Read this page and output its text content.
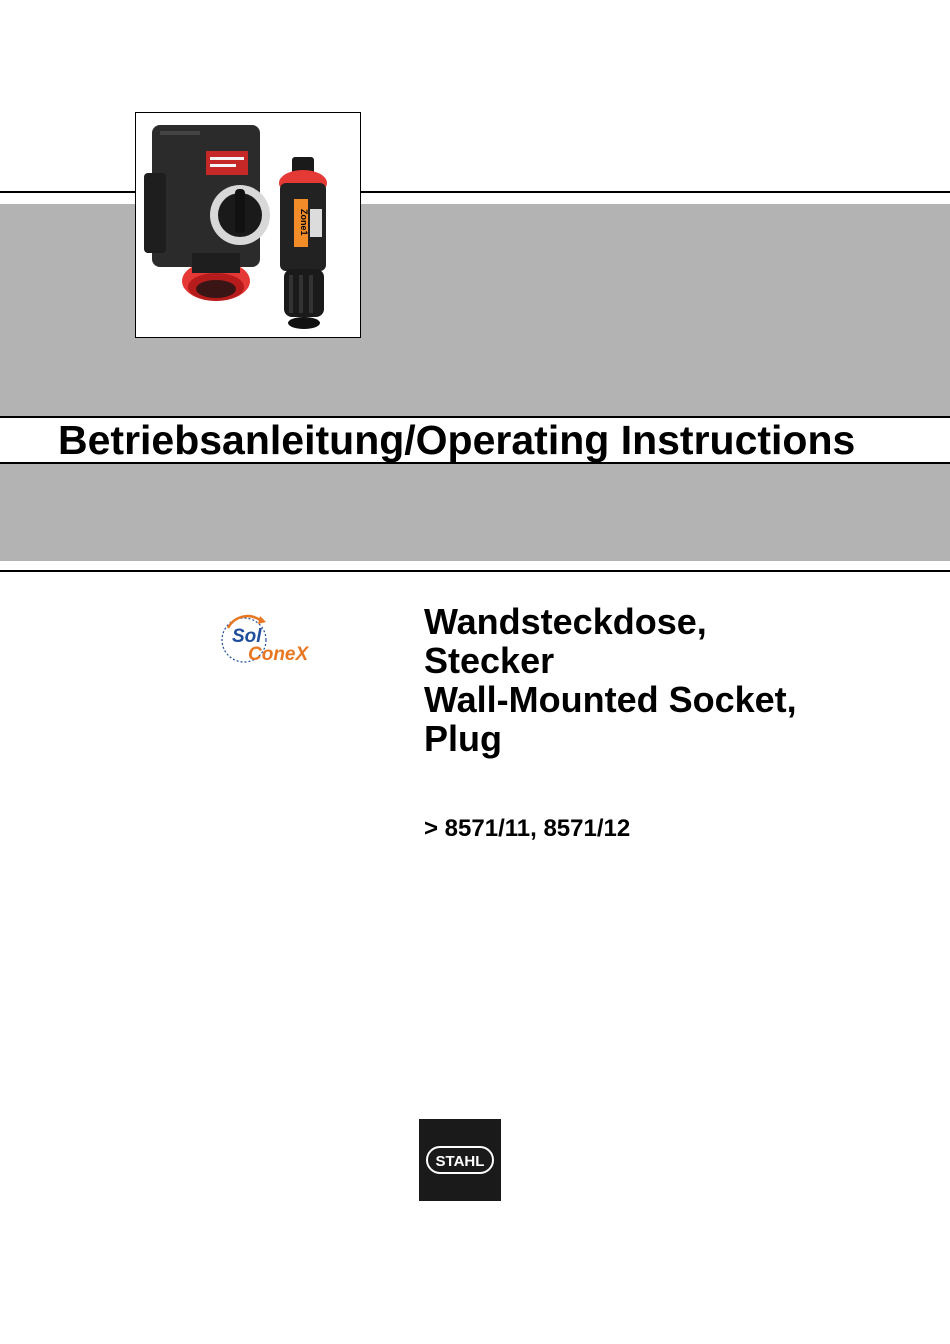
Zone1
Betriebsanleitung/Operating Instructions
Sol
ConeX
Wandsteckdose,
Stecker
Wall-Mounted Socket,
Plug
> 8571/11, 8571/12
STAHL
